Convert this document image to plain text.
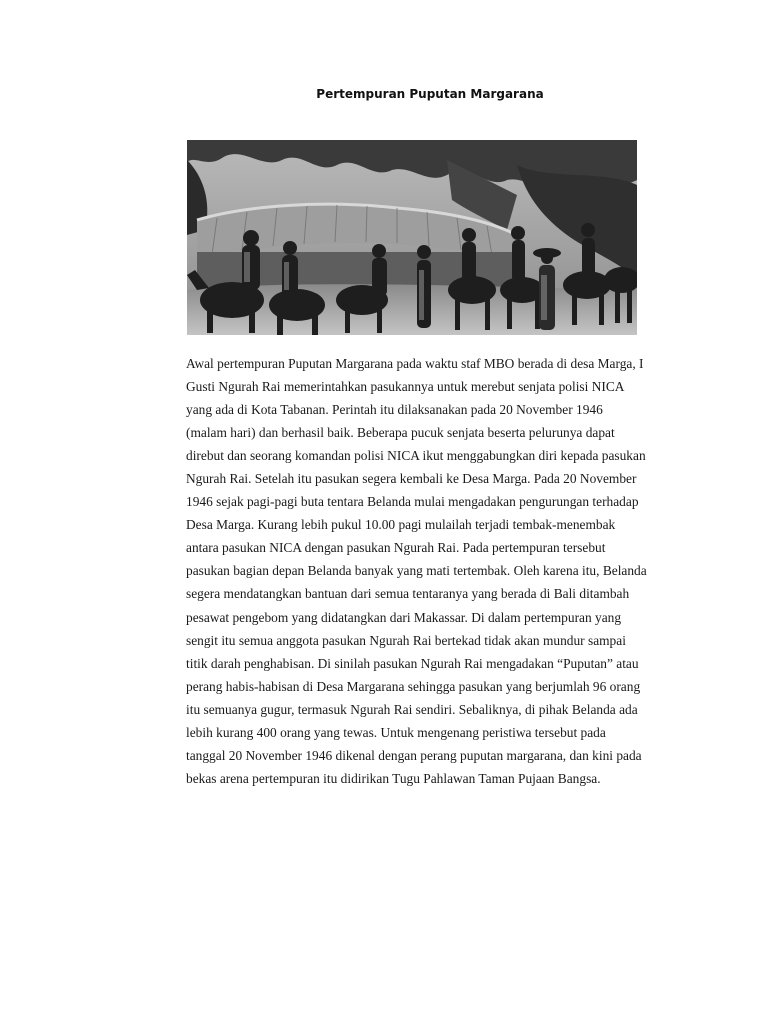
Pertempuran Puputan Margarana
Awal pertempuran Puputan Margarana pada waktu staf MBO berada di desa Marga, I
Gusti Ngurah Rai memerintahkan pasukannya untuk merebut senjata polisi NICA
yang ada di Kota Tabanan. Perintah itu dilaksanakan pada 20 November 1946
(malam hari) dan berhasil baik. Beberapa pucuk senjata beserta pelurunya dapat
direbut dan seorang komandan polisi NICA ikut menggabungkan diri kepada pasukan
Ngurah Rai. Setelah itu pasukan segera kembali ke Desa Marga. Pada 20 November
1946 sejak pagi-pagi buta tentara Belanda mulai mengadakan pengurungan terhadap
Desa Marga. Kurang lebih pukul 10.00 pagi mulailah terjadi tembak-menembak
antara pasukan NICA dengan pasukan Ngurah Rai. Pada pertempuran tersebut
pasukan bagian depan Belanda banyak yang mati tertembak. Oleh karena itu, Belanda
segera mendatangkan bantuan dari semua tentaranya yang berada di Bali ditambah
pesawat pengebom yang didatangkan dari Makassar. Di dalam pertempuran yang
sengit itu semua anggota pasukan Ngurah Rai bertekad tidak akan mundur sampai
titik darah penghabisan. Di sinilah pasukan Ngurah Rai mengadakan “Puputan” atau
perang habis-habisan di Desa Margarana sehingga pasukan yang berjumlah 96 orang
itu semuanya gugur, termasuk Ngurah Rai sendiri. Sebaliknya, di pihak Belanda ada
lebih kurang 400 orang yang tewas. Untuk mengenang peristiwa tersebut pada
tanggal 20 November 1946 dikenal dengan perang puputan margarana, dan kini pada
bekas arena pertempuran itu didirikan Tugu Pahlawan Taman Pujaan Bangsa.
